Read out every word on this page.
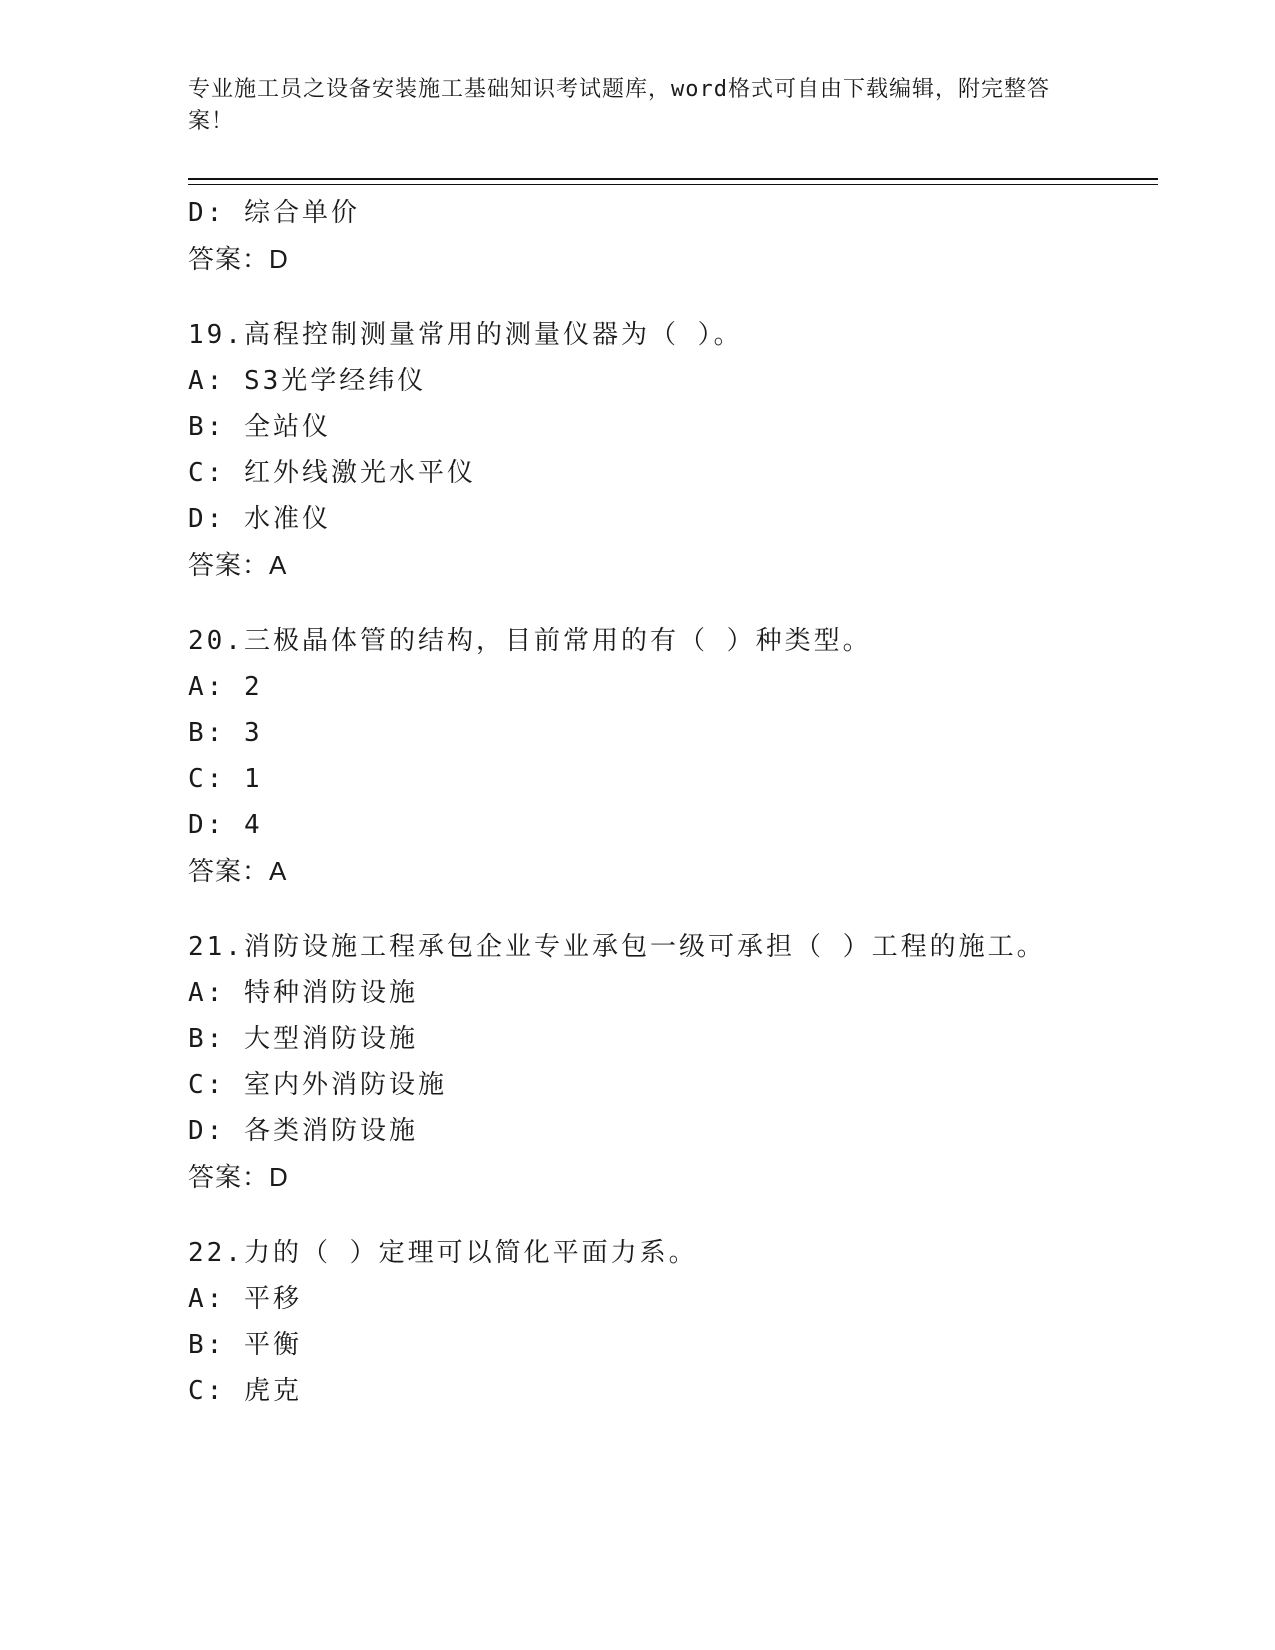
专业施工员之设备安装施工基础知识考试题库，word格式可自由下载编辑，附完整答案！
D: 综合单价
答案：D
19.高程控制测量常用的测量仪器为（ ）。
A: S3光学经纬仪
B: 全站仪
C: 红外线激光水平仪
D: 水准仪
答案：A
20.三极晶体管的结构，目前常用的有（ ）种类型。
A: 2
B: 3
C: 1
D: 4
答案：A
21.消防设施工程承包企业专业承包一级可承担（ ）工程的施工。
A: 特种消防设施
B: 大型消防设施
C: 室内外消防设施
D: 各类消防设施
答案：D
22.力的（ ）定理可以简化平面力系。
A: 平移
B: 平衡
C: 虎克
